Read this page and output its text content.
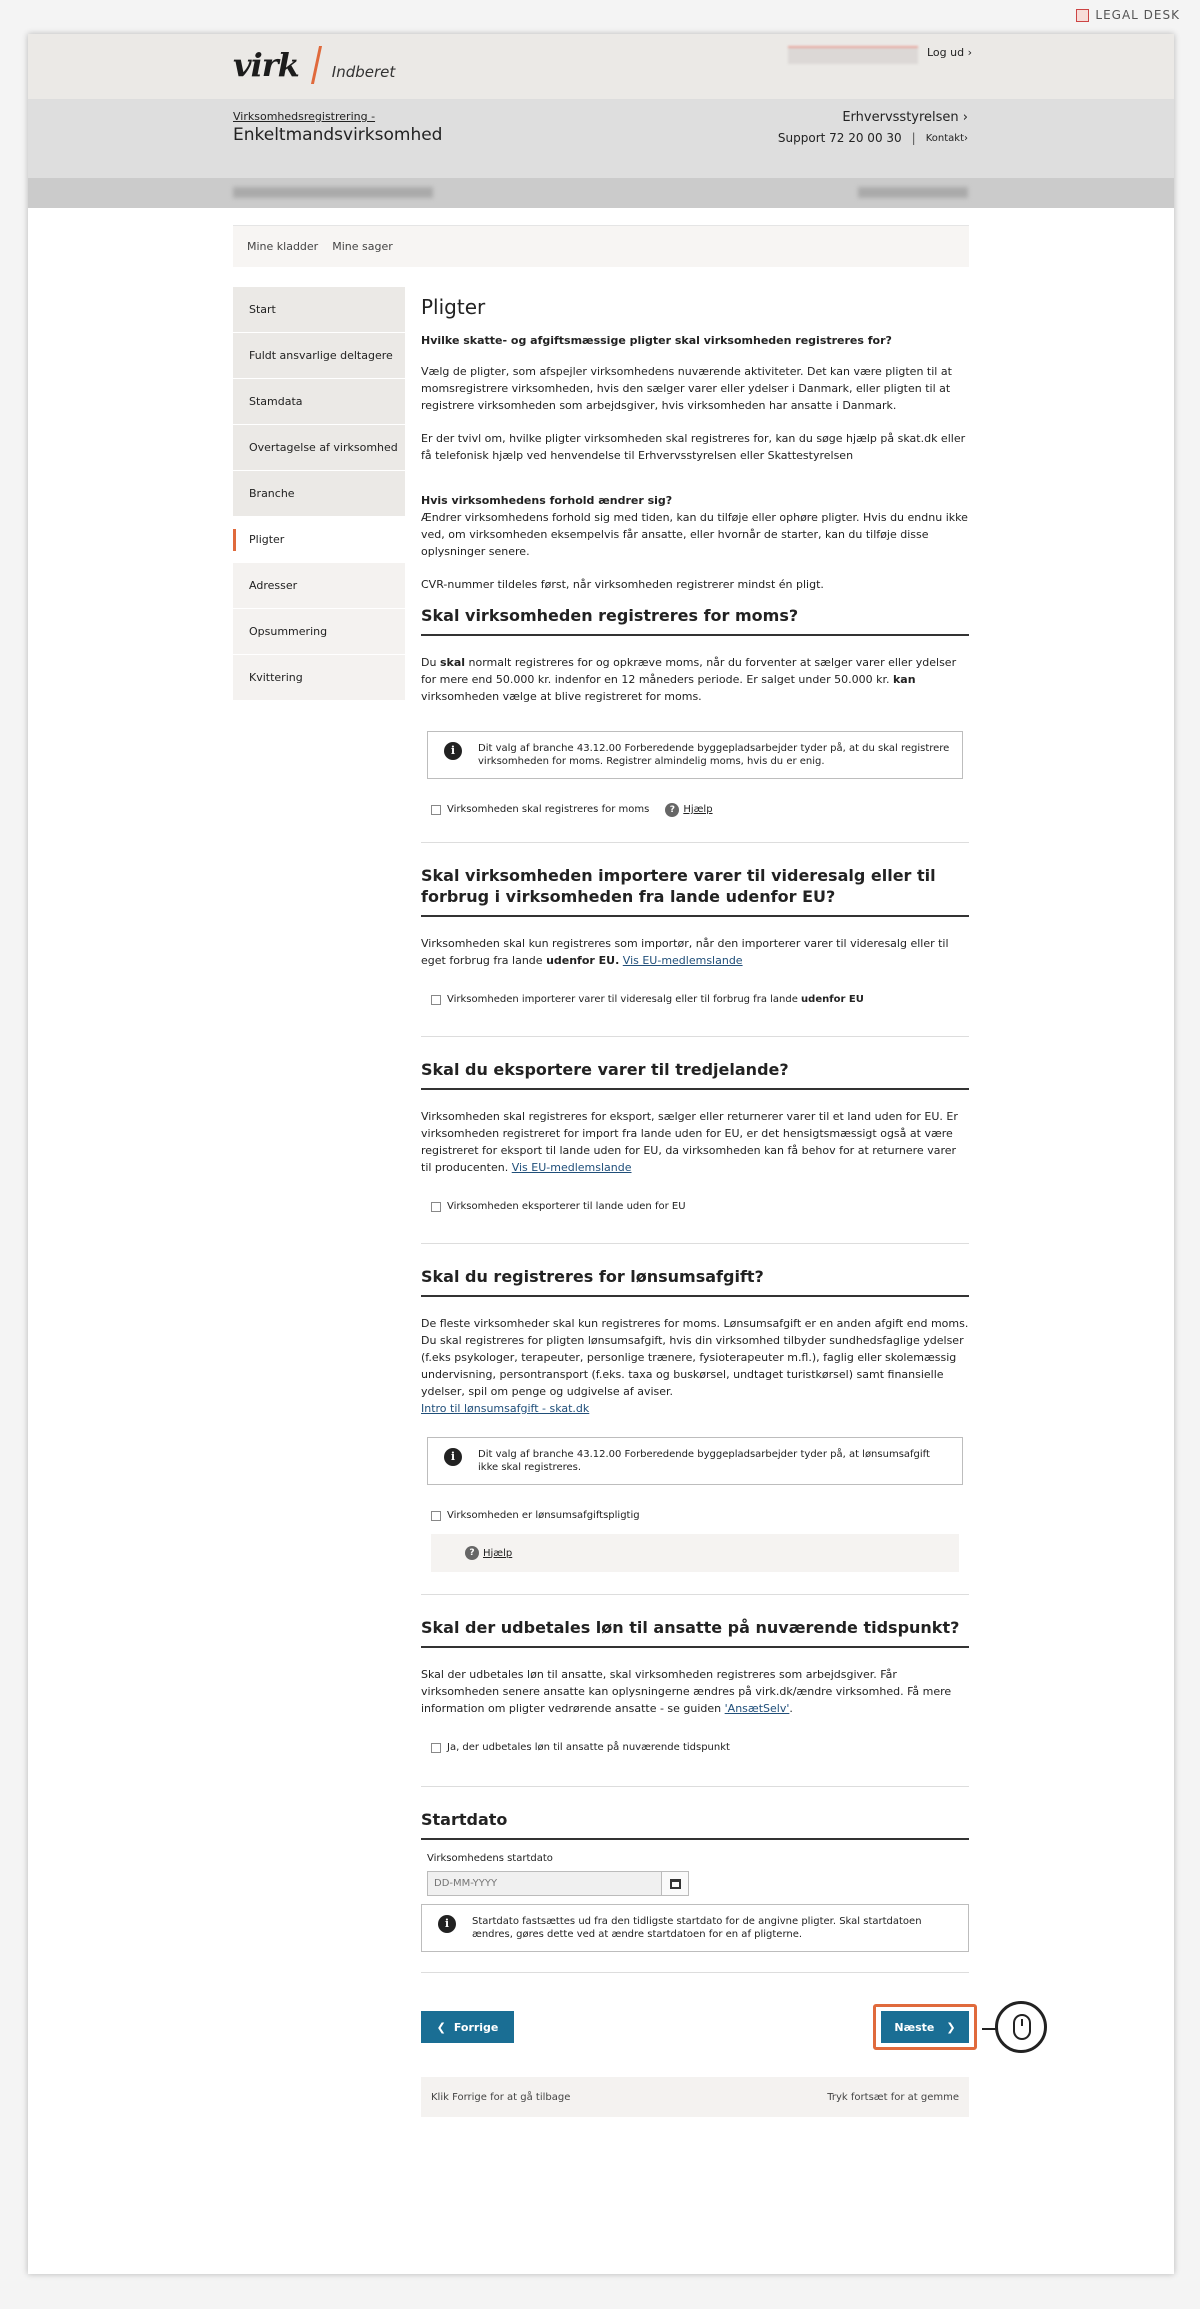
LEGAL DESK
virk Indberet
Log ud ›
Virksomhedsregistrering -
Enkeltmandsvirksomhed
Erhvervsstyrelsen ›
Support 72 20 00 30 | Kontakt›
Mine kladder Mine sager
Start
Fuldt ansvarlige deltagere
Stamdata
Overtagelse af virksomhed
Branche
Pligter
Adresser
Opsummering
Kvittering
Pligter

Hvilke skatte- og afgiftsmæssige pligter skal virksomheden registreres for?

Vælg de pligter, som afspejler virksomhedens nuværende aktiviteter. Det kan være pligten til at momsregistrere virksomheden, hvis den sælger varer eller ydelser i Danmark, eller pligten til at registrere virksomheden som arbejdsgiver, hvis virksomheden har ansatte i Danmark.

Er der tvivl om, hvilke pligter virksomheden skal registreres for, kan du søge hjælp på skat.dk eller få telefonisk hjælp ved henvendelse til Erhvervsstyrelsen eller Skattestyrelsen

Hvis virksomhedens forhold ændrer sig?

Ændrer virksomhedens forhold sig med tiden, kan du tilføje eller ophøre pligter. Hvis du endnu ikke ved, om virksomheden eksempelvis får ansatte, eller hvornår de starter, kan du tilføje disse oplysninger senere.

CVR-nummer tildeles først, når virksomheden registrerer mindst én pligt.

Skal virksomheden registreres for moms?

Du skal normalt registreres for og opkræve moms, når du forventer at sælger varer eller ydelser for mere end 50.000 kr. indenfor en 12 måneders periode. Er salget under 50.000 kr. kan virksomheden vælge at blive registreret for moms.

i	Dit valg af branche 43.12.00 Forberedende byggepladsarbejder tyder på, at du skal registrere virksomheden for moms. Registrer almindelig moms, hvis du er enig.
Virksomheden skal registreres for moms	? Hjælp
Skal virksomheden importere varer til videresalg eller til forbrug i virksomheden fra lande udenfor EU?

Virksomheden skal kun registreres som importør, når den importerer varer til videresalg eller til eget forbrug fra lande udenfor EU. Vis EU-medlemslande

Virksomheden importerer varer til videresalg eller til forbrug fra lande udenfor EU
Skal du eksportere varer til tredjelande?

Virksomheden skal registreres for eksport, sælger eller returnerer varer til et land uden for EU. Er virksomheden registreret for import fra lande uden for EU, er det hensigtsmæssigt også at være registreret for eksport til lande uden for EU, da virksomheden kan få behov for at returnere varer til producenten. Vis EU-medlemslande

Virksomheden eksporterer til lande uden for EU
Skal du registreres for lønsumsafgift?

De fleste virksomheder skal kun registreres for moms. Lønsumsafgift er en anden afgift end moms. Du skal registreres for pligten lønsumsafgift, hvis din virksomhed tilbyder sundhedsfaglige ydelser (f.eks psykologer, terapeuter, personlige trænere, fysioterapeuter m.fl.), faglig eller skolemæssig undervisning, persontransport (f.eks. taxa og buskørsel, undtaget turistkørsel) samt finansielle ydelser, spil om penge og udgivelse af aviser.

Intro til lønsumsafgift - skat.dk

i	Dit valg af branche 43.12.00 Forberedende byggepladsarbejder tyder på, at lønsumsafgift ikke skal registreres.
Virksomheden er lønsumsafgiftspligtig
? Hjælp
Skal der udbetales løn til ansatte på nuværende tidspunkt?

Skal der udbetales løn til ansatte, skal virksomheden registreres som arbejdsgiver. Får virksomheden senere ansatte kan oplysningerne ændres på virk.dk/ændre virksomhed. Få mere information om pligter vedrørende ansatte - se guiden 'AnsætSelv'.

Ja, der udbetales løn til ansatte på nuværende tidspunkt
Startdato

Virksomhedens startdato

DD-MM-YYYY
i	Startdato fastsættes ud fra den tidligste startdato for de angivne pligter. Skal startdatoen ændres, gøres dette ved at ændre startdatoen for en af pligterne.
❮ Forrige	Næste ❯
Klik Forrige for at gå tilbage	Tryk fortsæt for at gemme
